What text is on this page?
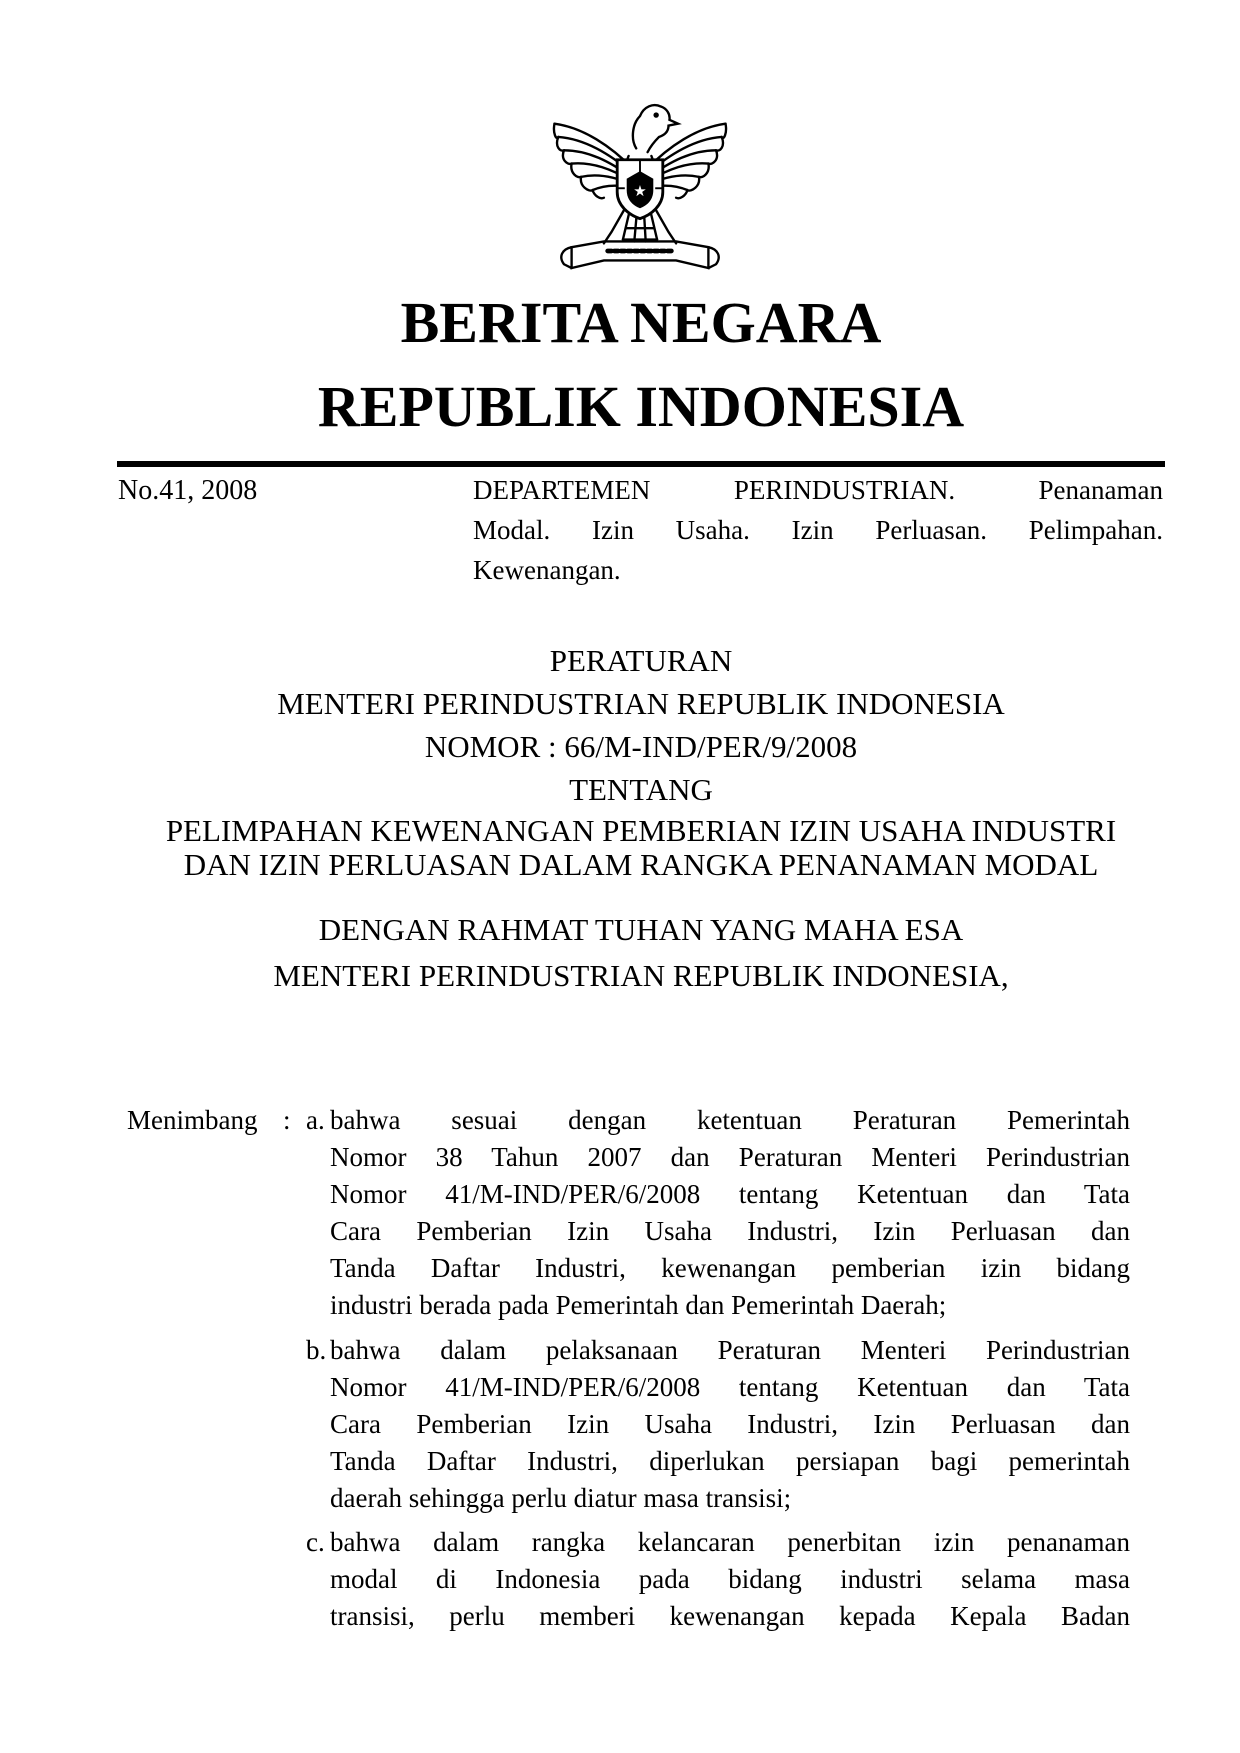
★
BERITA NEGARA
REPUBLIK INDONESIA
No.41, 2008	DEPARTEMEN PERINDUSTRIAN. Penanaman
Modal. Izin Usaha. Izin Perluasan. Pelimpahan.
Kewenangan.
PERATURAN
MENTERI PERINDUSTRIAN REPUBLIK INDONESIA
NOMOR : 66/M-IND/PER/9/2008
TENTANG
PELIMPAHAN KEWENANGAN PEMBERIAN IZIN USAHA INDUSTRI
DAN IZIN PERLUASAN DALAM RANGKA PENANAMAN MODAL
DENGAN RAHMAT TUHAN YANG MAHA ESA
MENTERI PERINDUSTRIAN REPUBLIK INDONESIA,
Menimbang : a. bahwa sesuai dengan ketentuan Peraturan Pemerintah
Nomor 38 Tahun 2007 dan Peraturan Menteri Perindustrian
Nomor 41/M-IND/PER/6/2008 tentang Ketentuan dan Tata
Cara Pemberian Izin Usaha Industri, Izin Perluasan dan
Tanda Daftar Industri, kewenangan pemberian izin bidang
industri berada pada Pemerintah dan Pemerintah Daerah;
b. bahwa dalam pelaksanaan Peraturan Menteri Perindustrian
Nomor 41/M-IND/PER/6/2008 tentang Ketentuan dan Tata
Cara Pemberian Izin Usaha Industri, Izin Perluasan dan
Tanda Daftar Industri, diperlukan persiapan bagi pemerintah
daerah sehingga perlu diatur masa transisi;
c. bahwa dalam rangka kelancaran penerbitan izin penanaman
modal di Indonesia pada bidang industri selama masa
transisi, perlu memberi kewenangan kepada Kepala Badan
